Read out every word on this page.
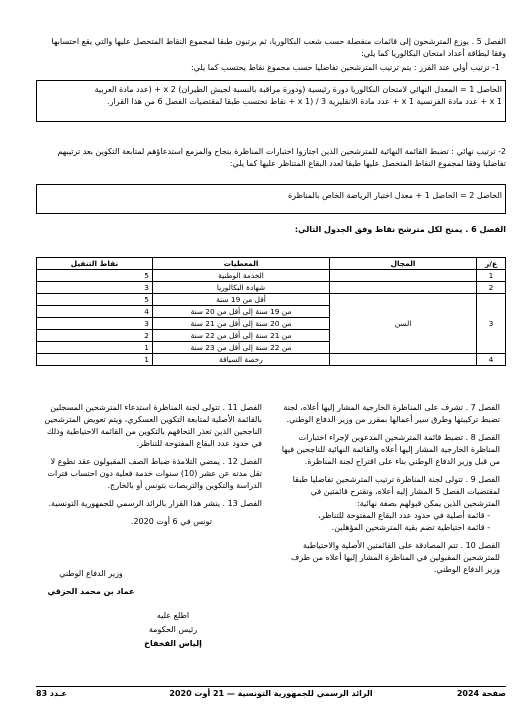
الفصل 5 . يوزع المترشحون إلى قائمات منفصلة حسب شعب البكالوريا، ثم يرتبون طبقا لمجموع النقاط المتحصل عليها والتي يقع احتسابها وفقا لبطاقة أعداد امتحان البكالوريا كما يلي:
1- ترتيب أولي عند الفرز : يتم ترتيب المترشحين تفاضليا حسب مجموع نقاط يحتسب كما يلي:
الحاصل 1 = المعدل النهائي لامتحان البكالوريا دورة رئيسية (ودورة مراقبة بالنسبة لجيش الطيران) x 2 + (عدد مادة العربية
x 1 + عدد مادة الفرنسية x 1 + عدد مادة الانقليزية x 1) / 3 + نقاط تحتسب طبقا لمقتضيات الفصل 6 من هذا القرار.
2- ترتيب نهائي : تضبط القائمة النهائية للمترشحين الذين اجتازوا اختبارات المناظرة بنجاح والمزمع استدعاؤهم لمتابعة التكوين بعد ترتيبهم تفاضليا وفقا لمجموع النقاط المتحصل عليها طبقا لعدد البقاع المتناظر عليها كما يلي:
الحاصل 2 = الحاصل 1 + معدل اختبار الرياضة الخاص بالمناظرة
الفصل 6 . يمنح لكل مترشح نقاط وفق الجدول التالي:
ع/ر	المجال	المعطيات	نقاط التنفيل
1		الخدمة الوطنية	5
2		شهادة البكالوريا	3
3	السن	أقل من 19 سنة	5
		من 19 سنة إلى أقل من 20 سنة	4
		من 20 سنة إلى أقل من 21 سنة	3
		من 21 سنة إلى أقل من 22 سنة	2
		من 22 سنة إلى أقل من 23 سنة	1
4		رخصة السياقة	1
الفصل 7 . تشرف على المناظرة الخارجية المشار إليها أعلاه، لجنة تضبط تركيبتها وطرق سير أعمالها بمقرر من وزير الدفاع الوطني.
الفصل 8 . تضبط قائمة المترشحين المدعوين لإجراء اختبارات المناظرة الخارجية المشار إليها أعلاه والقائمة النهائية للناجحين فيها من قبل وزير الدفاع الوطني بناء على اقتراح لجنة المناظرة.
الفصل 9 . تتولى لجنة المناظرة ترتيب المترشحين تفاضليا طبقا لمقتضيات الفصل 5 المشار إليه أعلاه، وتقترح قائمتين في المترشحين الذين يمكن قبولهم بصفة نهائية:
- قائمة أصلية في حدود عدد البقاع المفتوحة للتناظر،
- قائمة احتياطية تضم بقية المترشحين المؤهلين.
الفصل 10 . تتم المصادقة على القائمتين الأصلية والاحتياطية للمترشحين المقبولين في المناظرة المشار إليها أعلاه من طرف وزير الدفاع الوطني.
الفصل 11 . تتولى لجنة المناظرة استدعاء المترشحين المسجلين بالقائمة الأصلية لمتابعة التكوين العسكري، ويتم تعويض المترشحين الناجحين الذين تعذر التحاقهم بالتكوين من القائمة الاحتياطية وذلك في حدود عدد البقاع المفتوحة للتناظر.
الفصل 12 . يمضي التلامذة ضباط الصف المقبولون عقد تطوع لا تقل مدته عن عشر (10) سنوات خدمة فعلية دون احتساب فترات الدراسة والتكوين والتربصات بتونس أو بالخارج.
الفصل 13 . ينشر هذا القرار بالرائد الرسمي للجمهورية التونسية.
تونس في 6 أوت 2020.
وزير الدفاع الوطني
عماد بن محمد الحزقي
اطلع عليه
رئيس الحكومة
إلياس الفخفاخ
عـدد 83	الرائد الرسمي للجمهورية التونسية — 21 أوت 2020	صفحة 2024
